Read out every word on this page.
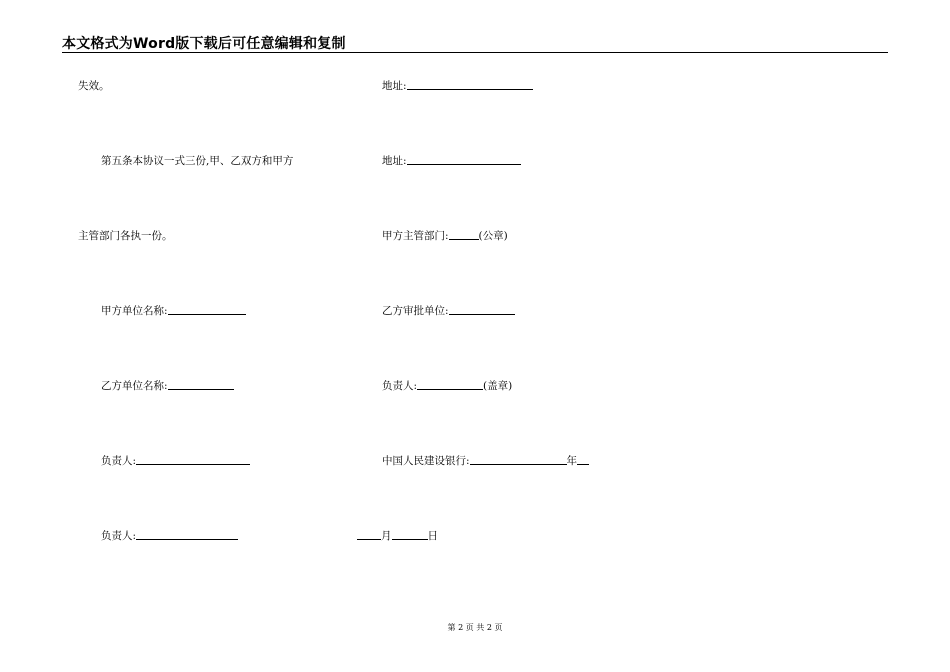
本文格式为Word版下载后可任意编辑和复制
失效。
第五条本协议一式三份,甲、乙双方和甲方
主管部门各执一份。
甲方单位名称:
乙方单位名称:
负责人:
负责人:
地址:
地址:
甲方主管部门:	(公章)
乙方审批单位:
负责人:	(盖章)
中国人民建设银行:	年
月	日
第 2 页 共 2 页
